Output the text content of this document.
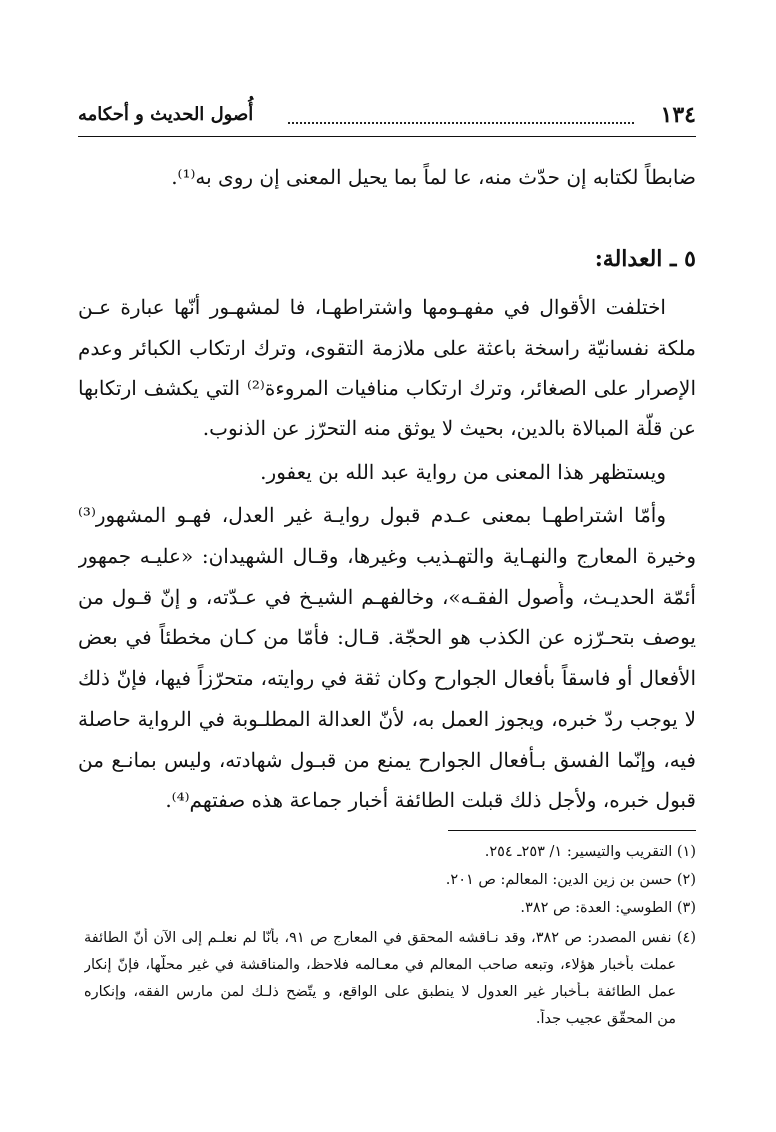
١٣٤
أُصول الحديث و أحكامه
ضابطاً لكتابه إن حدّث منه، عا لماً بما يحيل المعنى إن روى به⁽¹⁾.
٥ ـ العدالة:
اختلفت الأقوال في مفهـومها واشتراطهـا، فا لمشهـور أنّها عبارة عـن
ملكة نفسانيّة راسخة باعثة على ملازمة التقوى، وترك ارتكاب الكبائر وعدم
الإصرار على الصغائر، وترك ارتكاب منافيات المروءة⁽²⁾ التي يكشف ارتكابها
عن قلّة المبالاة بالدين، بحيث لا يوثق منه التحرّز عن الذنوب.
ويستظهر هذا المعنى من رواية عبد الله بن يعفور.
وأمّا اشتراطهـا بمعنى عـدم قبول روايـة غير العدل، فهـو المشهور⁽³⁾
وخيرة المعارج والنهـاية والتهـذيب وغيرها، وقـال الشهيدان: «عليـه جمهور
أئمّة الحديـث، وأُصول الفقـه»، وخالفهـم الشيـخ في عـدّته، و إنّ قـول من
يوصف بتحـرّزه عن الكذب هو الحجّة. قـال: فأمّا من كـان مخطئاً في بعض
الأفعال أو فاسقاً بأفعال الجوارح وكان ثقة في روايته، متحرّزاً فيها، فإنّ ذلك
لا يوجب ردّ خبره، ويجوز العمل به، لأنّ العدالة المطلـوبة في الرواية حاصلة
فيه، وإنّما الفسق بـأفعال الجوارح يمنع من قبـول شهادته، وليس بمانـع من
قبول خبره، ولأجل ذلك قبلت الطائفة أخبار جماعة هذه صفتهم⁽⁴⁾.
(١) التقريب والتيسير: ١/ ٢٥٣ـ ٢٥٤.
(٢) حسن بن زين الدين: المعالم: ص ٢٠١.
(٣) الطوسي: العدة: ص ٣٨٢.
(٤) نفس المصدر: ص ٣٨٢، وقد نـاقشه المحقق في المعارج ص ٩١، بأنّا لم نعلـم إلى الآن أنّ الطائفة
عملت بأخبار هؤلاء، وتبعه صاحب المعالم في معـالمه فلاحظ، والمناقشة في غير محلّها، فإنّ إنكار
عمل الطائفة بـأخبار غير العدول لا ينطبق على الواقع، و يتّضح ذلـك لمن مارس الفقه، وإنكاره
من المحقّق عجيب جداً.
